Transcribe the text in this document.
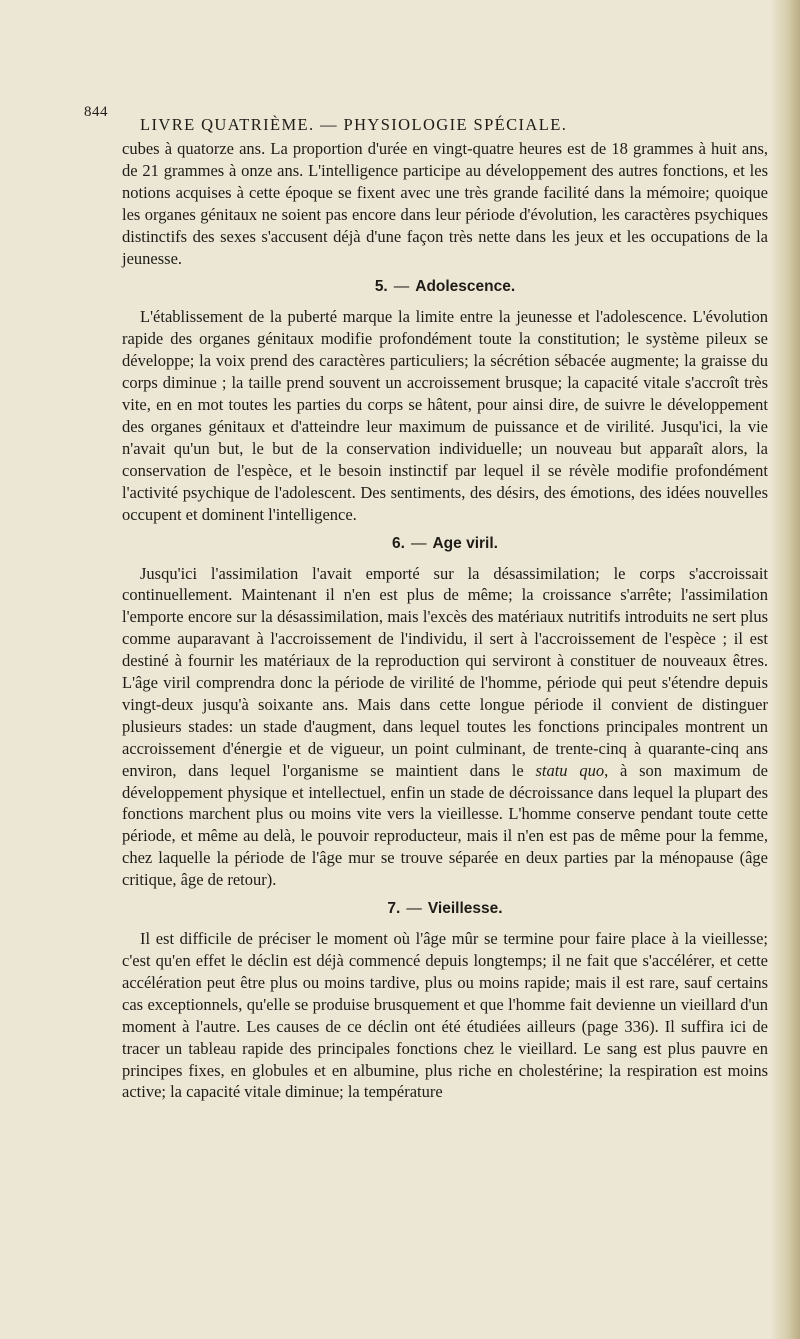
844
LIVRE QUATRIÈME. — PHYSIOLOGIE SPÉCIALE.

cubes à quatorze ans. La proportion d'urée en vingt-quatre heures est de 18 grammes à huit ans, de 21 grammes à onze ans. L'intelligence participe au développement des autres fonctions, et les notions acquises à cette époque se fixent avec une très grande facilité dans la mémoire; quoique les organes génitaux ne soient pas encore dans leur période d'évolution, les caractères psychiques distinctifs des sexes s'accusent déjà d'une façon très nette dans les jeux et les occupations de la jeunesse.

5. — Adolescence.

L'établissement de la puberté marque la limite entre la jeunesse et l'adolescence. L'évolution rapide des organes génitaux modifie profondément toute la constitution; le système pileux se développe; la voix prend des caractères particuliers; la sécrétion sébacée augmente; la graisse du corps diminue ; la taille prend souvent un accroissement brusque; la capacité vitale s'accroît très vite, en en mot toutes les parties du corps se hâtent, pour ainsi dire, de suivre le développement des organes génitaux et d'atteindre leur maximum de puissance et de virilité. Jusqu'ici, la vie n'avait qu'un but, le but de la conservation individuelle; un nouveau but apparaît alors, la conservation de l'espèce, et le besoin instinctif par lequel il se révèle modifie profondément l'activité psychique de l'adolescent. Des sentiments, des désirs, des émotions, des idées nouvelles occupent et dominent l'intelligence.

6. — Age viril.

Jusqu'ici l'assimilation l'avait emporté sur la désassimilation; le corps s'accroissait continuellement. Maintenant il n'en est plus de même; la croissance s'arrête; l'assimilation l'emporte encore sur la désassimilation, mais l'excès des matériaux nutritifs introduits ne sert plus comme auparavant à l'accroissement de l'individu, il sert à l'accroissement de l'espèce ; il est destiné à fournir les matériaux de la reproduction qui serviront à constituer de nouveaux êtres. L'âge viril comprendra donc la période de virilité de l'homme, période qui peut s'étendre depuis vingt-deux jusqu'à soixante ans. Mais dans cette longue période il convient de distinguer plusieurs stades: un stade d'augment, dans lequel toutes les fonctions principales montrent un accroissement d'énergie et de vigueur, un point culminant, de trente-cinq à quarante-cinq ans environ, dans lequel l'organisme se maintient dans le statu quo, à son maximum de développement physique et intellectuel, enfin un stade de décroissance dans lequel la plupart des fonctions marchent plus ou moins vite vers la vieillesse. L'homme conserve pendant toute cette période, et même au delà, le pouvoir reproducteur, mais il n'en est pas de même pour la femme, chez laquelle la période de l'âge mur se trouve séparée en deux parties par la ménopause (âge critique, âge de retour).

7. — Vieillesse.

Il est difficile de préciser le moment où l'âge mûr se termine pour faire place à la vieillesse; c'est qu'en effet le déclin est déjà commencé depuis longtemps; il ne fait que s'accélérer, et cette accélération peut être plus ou moins tardive, plus ou moins rapide; mais il est rare, sauf certains cas exceptionnels, qu'elle se produise brusquement et que l'homme fait devienne un vieillard d'un moment à l'autre. Les causes de ce déclin ont été étudiées ailleurs (page 336). Il suffira ici de tracer un tableau rapide des principales fonctions chez le vieillard. Le sang est plus pauvre en principes fixes, en globules et en albumine, plus riche en cholestérine; la respiration est moins active; la capacité vitale diminue; la température
